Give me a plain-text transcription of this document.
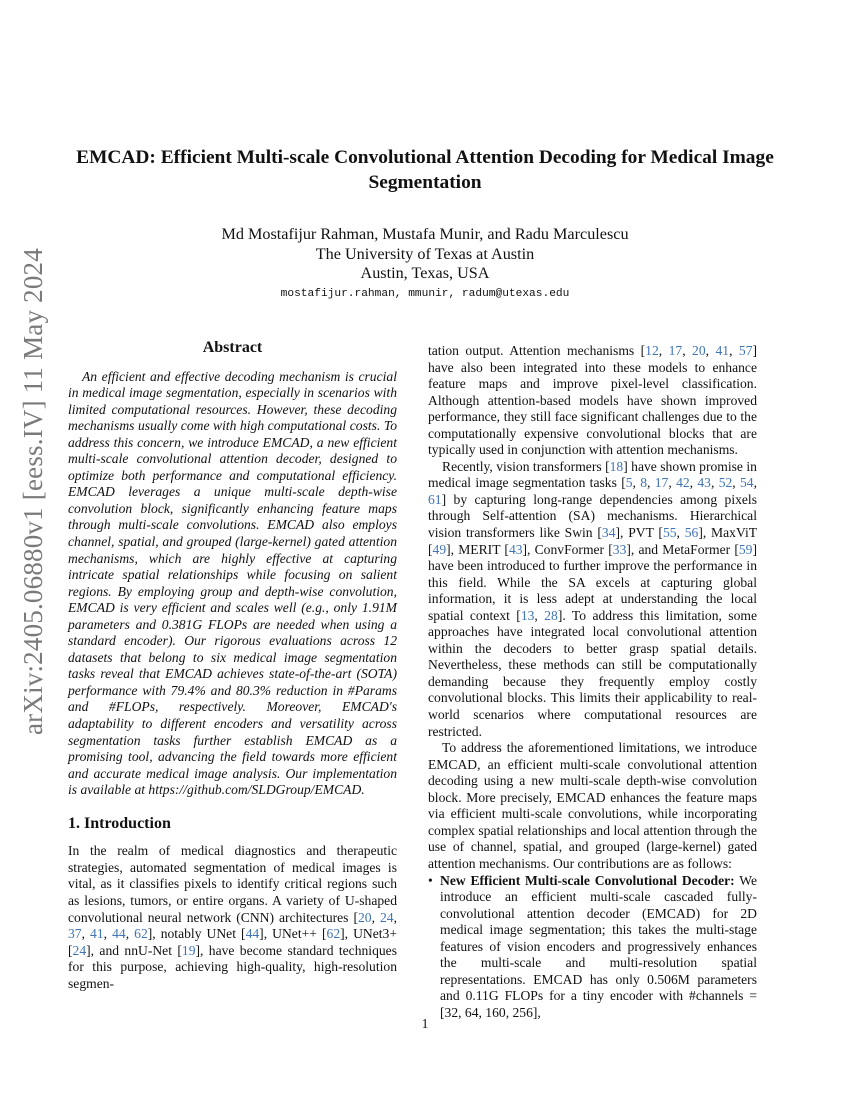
arXiv:2405.06880v1 [eess.IV] 11 May 2024
EMCAD: Efficient Multi-scale Convolutional Attention Decoding for Medical Image Segmentation
Md Mostafijur Rahman, Mustafa Munir, and Radu Marculescu
The University of Texas at Austin
Austin, Texas, USA
mostafijur.rahman, mmunir, radum@utexas.edu
Abstract

An efficient and effective decoding mechanism is crucial in medical image segmentation, especially in scenarios with limited computational resources. However, these decoding mechanisms usually come with high computational costs. To address this concern, we introduce EMCAD, a new efficient multi-scale convolutional attention decoder, designed to optimize both performance and computational efficiency. EMCAD leverages a unique multi-scale depth-wise convolution block, significantly enhancing feature maps through multi-scale convolutions. EMCAD also employs channel, spatial, and grouped (large-kernel) gated attention mechanisms, which are highly effective at capturing intricate spatial relationships while focusing on salient regions. By employing group and depth-wise convolution, EMCAD is very efficient and scales well (e.g., only 1.91M parameters and 0.381G FLOPs are needed when using a standard encoder). Our rigorous evaluations across 12 datasets that belong to six medical image segmentation tasks reveal that EMCAD achieves state-of-the-art (SOTA) performance with 79.4% and 80.3% reduction in #Params and #FLOPs, respectively. Moreover, EMCAD's adaptability to different encoders and versatility across segmentation tasks further establish EMCAD as a promising tool, advancing the field towards more efficient and accurate medical image analysis. Our implementation is available at https://github.com/SLDGroup/EMCAD.

1. Introduction

In the realm of medical diagnostics and therapeutic strategies, automated segmentation of medical images is vital, as it classifies pixels to identify critical regions such as lesions, tumors, or entire organs. A variety of U-shaped convolutional neural network (CNN) architectures [20, 24, 37, 41, 44, 62], notably UNet [44], UNet++ [62], UNet3+ [24], and nnU-Net [19], have become standard techniques for this purpose, achieving high-quality, high-resolution segmen-

tation output. Attention mechanisms [12, 17, 20, 41, 57] have also been integrated into these models to enhance feature maps and improve pixel-level classification. Although attention-based models have shown improved performance, they still face significant challenges due to the computationally expensive convolutional blocks that are typically used in conjunction with attention mechanisms.

Recently, vision transformers [18] have shown promise in medical image segmentation tasks [5, 8, 17, 42, 43, 52, 54, 61] by capturing long-range dependencies among pixels through Self-attention (SA) mechanisms. Hierarchical vision transformers like Swin [34], PVT [55, 56], MaxViT [49], MERIT [43], ConvFormer [33], and MetaFormer [59] have been introduced to further improve the performance in this field. While the SA excels at capturing global information, it is less adept at understanding the local spatial context [13, 28]. To address this limitation, some approaches have integrated local convolutional attention within the decoders to better grasp spatial details. Nevertheless, these methods can still be computationally demanding because they frequently employ costly convolutional blocks. This limits their applicability to real-world scenarios where computational resources are restricted.

To address the aforementioned limitations, we introduce EMCAD, an efficient multi-scale convolutional attention decoding using a new multi-scale depth-wise convolution block. More precisely, EMCAD enhances the feature maps via efficient multi-scale convolutions, while incorporating complex spatial relationships and local attention through the use of channel, spatial, and grouped (large-kernel) gated attention mechanisms. Our contributions are as follows:

• New Efficient Multi-scale Convolutional Decoder: We introduce an efficient multi-scale cascaded fully-convolutional attention decoder (EMCAD) for 2D medical image segmentation; this takes the multi-stage features of vision encoders and progressively enhances the multi-scale and multi-resolution spatial representations. EMCAD has only 0.506M parameters and 0.11G FLOPs for a tiny encoder with #channels = [32, 64, 160, 256],
1
